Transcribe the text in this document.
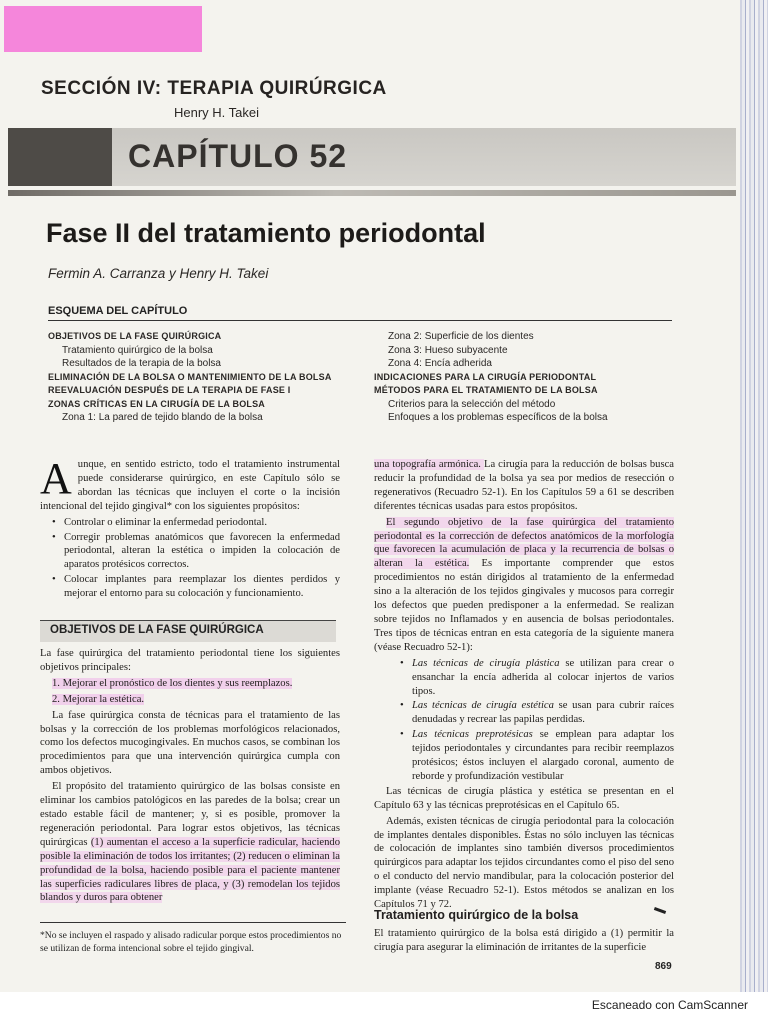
SECCIÓN IV: TERAPIA QUIRÚRGICA
Henry H. Takei
CAPÍTULO 52
Fase II del tratamiento periodontal
Fermin A. Carranza y Henry H. Takei
ESQUEMA DEL CAPÍTULO
OBJETIVOS DE LA FASE QUIRÚRGICA
Tratamiento quirúrgico de la bolsa
Resultados de la terapia de la bolsa
ELIMINACIÓN DE LA BOLSA O MANTENIMIENTO DE LA BOLSA
REEVALUACIÓN DESPUÉS DE LA TERAPIA DE FASE I
ZONAS CRÍTICAS EN LA CIRUGÍA DE LA BOLSA
Zona 1: La pared de tejido blando de la bolsa
Zona 2: Superficie de los dientes
Zona 3: Hueso subyacente
Zona 4: Encía adherida
INDICACIONES PARA LA CIRUGÍA PERIODONTAL
MÉTODOS PARA EL TRATAMIENTO DE LA BOLSA
Criterios para la selección del método
Enfoques a los problemas específicos de la bolsa

A unque, en sentido estricto, todo el tratamiento instrumental puede considerarse quirúrgico, en este Capítulo sólo se abordan las técnicas que incluyen el corte o la incisión intencional del tejido gingival* con los siguientes propósitos:

• Controlar o eliminar la enfermedad periodontal.
• Corregir problemas anatómicos que favorecen la enfermedad periodontal, alteran la estética o impiden la colocación de aparatos protésicos correctos.
• Colocar implantes para reemplazar los dientes perdidos y mejorar el entorno para su colocación y funcionamiento.
OBJETIVOS DE LA FASE QUIRÚRGICA

La fase quirúrgica del tratamiento periodontal tiene los siguientes objetivos principales:

1. Mejorar el pronóstico de los dientes y sus reemplazos.

2. Mejorar la estética.

La fase quirúrgica consta de técnicas para el tratamiento de las bolsas y la corrección de los problemas morfológicos relacionados, como los defectos mucogingivales. En muchos casos, se combinan los procedimientos para que una intervención quirúrgica cumpla con ambos objetivos.

El propósito del tratamiento quirúrgico de las bolsas consiste en eliminar los cambios patológicos en las paredes de la bolsa; crear un estado estable fácil de mantener; y, si es posible, promover la regeneración periodontal. Para lograr estos objetivos, las técnicas quirúrgicas (1) aumentan el acceso a la superficie radicular, haciendo posible la eliminación de todos los irritantes; (2) reducen o eliminan la profundidad de la bolsa, haciendo posible para el paciente mantener las superficies radiculares libres de placa, y (3) remodelan los tejidos blandos y duros para obtener

*No se incluyen el raspado y alisado radicular porque estos procedimientos no se utilizan de forma intencional sobre el tejido gingival.

una topografía armónica. La cirugía para la reducción de bolsas busca reducir la profundidad de la bolsa ya sea por medios de resección o regenerativos (Recuadro 52-1). En los Capítulos 59 a 61 se describen diferentes técnicas usadas para estos propósitos.

El segundo objetivo de la fase quirúrgica del tratamiento periodontal es la corrección de defectos anatómicos de la morfología que favorecen la acumulación de placa y la recurrencia de bolsas o alteran la estética. Es importante comprender que estos procedimientos no están dirigidos al tratamiento de la enfermedad sino a la alteración de los tejidos gingivales y mucosos para corregir los defectos que pueden predisponer a la enfermedad. Se realizan sobre tejidos no Inflamados y en ausencia de bolsas periodontales. Tres tipos de técnicas entran en esta categoría de la siguiente manera (véase Recuadro 52-1):

• Las técnicas de cirugía plástica se utilizan para crear o ensanchar la encía adherida al colocar injertos de varios tipos.
• Las técnicas de cirugía estética se usan para cubrir raíces denudadas y recrear las papilas perdidas.
• Las técnicas preprotésicas se emplean para adaptar los tejidos periodontales y circundantes para recibir reemplazos protésicos; éstos incluyen el alargado coronal, aumento de reborde y profundización vestibular

Las técnicas de cirugía plástica y estética se presentan en el Capítulo 63 y las técnicas preprotésicas en el Capítulo 65.

Además, existen técnicas de cirugía periodontal para la colocación de implantes dentales disponibles. Éstas no sólo incluyen las técnicas de colocación de implantes sino también diversos procedimientos quirúrgicos para adaptar los tejidos circundantes como el piso del seno o el conducto del nervio mandibular, para la colocación posterior del implante (véase Recuadro 52-1). Estos métodos se analizan en los Capítulos 71 y 72.

Tratamiento quirúrgico de la bolsa
El tratamiento quirúrgico de la bolsa está dirigido a (1) permitir la cirugía para asegurar la eliminación de irritantes de la superficie
869
Escaneado con CamScanner
